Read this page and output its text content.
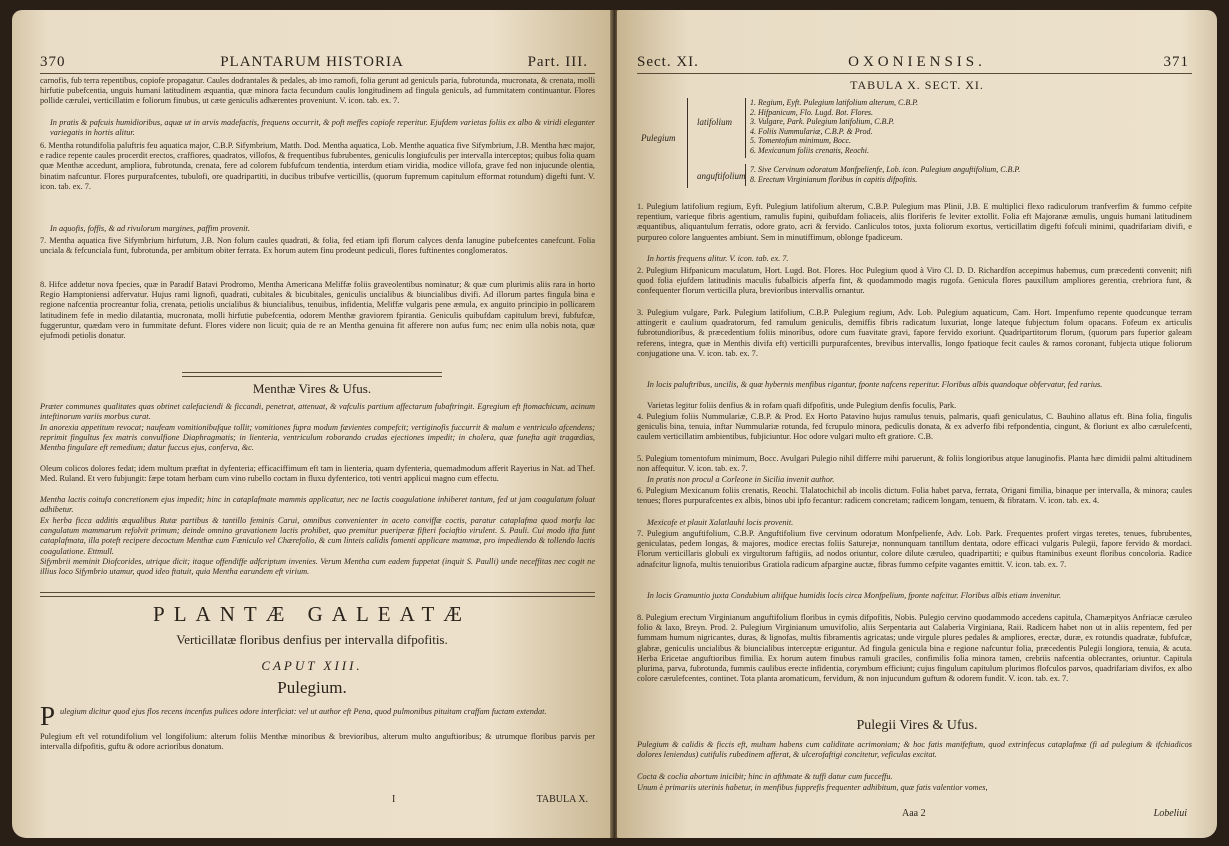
370	PLANTARUM HISTORIA	Part. III.
carnofis, fub terra repentibus, copiofe propagatur. Caules dodrantales & pedales, ab imo ramofi, folia gerunt ad geniculs paria, fubrotunda, mucronata, & crenata, molli hirfutie pubefcentia, unguis humani latitudinem æquantia, quæ minora facta fecundum caulis longitudinem ad fingula geniculs, ad fummitatem continuantur. Flores pollide cærulei, verticillatim e foliorum finubus, ut cæte geniculis adhærentes proveniunt. V. icon. tab. ex. 7.
In pratis & pafcuis humidioribus, aquæ ut in arvis madefactis, frequens occurrit, & poft meffes copiofe reperitur. Ejufdem varietas foliis ex albo & viridi eleganter variegatis in hortis alitur.
6. Mentha rotundifolia paluftris feu aquatica major, C.B.P. Sifymbrium, Matth. Dod. Mentha aquatica, Lob. Menthe aquatica five Sifymbrium, J.B. Mentha hæc major, e radice repente caules procerdit erectos, craffiores, quadratos, villofos, & frequentibus fubrubentes, geniculis longiufculis per intervalla interceptos; quibus folia quam quæ Menthæ accedunt, ampliora, fubrotunda, crenata, fere ad colorem fubfufcum tendentia, interdum etiam viridia, modice villofa, grave fed non injucunde olentia, binatim nafcuntur. Flores purpurafcentes, tubulofi, ore quadripartiti, in ducibus tribufve verticillis, (quorum fupremum capitulum efformat rotundum) digefti funt. V. icon. tab. ex. 7.
In aquofis, foffis, & ad rivulorum margines, paffim provenit.
7. Mentha aquatica five Sifymbrium hirfutum, J.B. Non folum caules quadrati, & folia, fed etiam ipfi florum calyces denfa lanugine pubefcentes canefcunt. Folia unciala & fefcunciala funt, fubrotunda, per ambitum obiter ferrata. Ex horum autem finu prodeunt pediculi, flores fuftinentes conglomeratos.
8. Hifce addetur nova fpecies, quæ in Paradif Batavi Prodromo, Mentha Americana Meliffæ foliis graveolentibus nominatur; & quæ cum plurimis aliis rara in horto Regio Hamptoniensi adfervatur. Hujus rami lignofi, quadrati, cubitales & bicubitales, geniculis uncialibus & biuncialibus divifi. Ad illorum partes fingula bina e regione nafcentia procreantur folia, crenata, petiolis uncialibus & biuncialibus, tenuibus, infidentia, Meliffæ vulgaris pene æmula, ex anguito principio in pollicarem latitudinem fefe in medio dilatantia, mucronata, molli hirfutie pubefcentia, odorem Menthæ graviorem fpirantia. Geniculis quibufdam capitulum brevi, fubfufcæ, fuggeruntur, quædam vero in fummitate defunt. Flores videre non licuit; quia de re an Mentha genuina fit afferere non aufus fum; nec enim ulla nobis nota, quæ ejufmodi petiolis donatur.
Menthæ Vires & Ufus.
Præter communes qualitates quas obtinet calefaciendi & ficcandi, penetrat, attenuat, & vafculis partium affectarum fubaftringit. Egregium eft ftomachicum, acinum inteftinorum variis morbus curat.
In anorexia appetitum revocat; naufeam vomitionibufque tollit; vomitiones fupra modum fævientes compefcit; vertiginofis fuccurrit & malum e ventriculo afcendens; reprimit fingultus fex matris convulfione Diaphragmatis; in lienteria, ventriculum roborando crudas ejectiones impedit; in cholera, quæ funefta agit tragœdias, Mentha fingulare eft remedium; datur fuccus ejus, conferva, &c.
Oleum colicos dolores fedat; idem multum præftat in dyfenteria; efficaciffimum eft tam in lienteria, quam dyfenteria, quemadmodum afferit Rayerius in Nat. ad Thef. Med. Ruland. Et vero fubjungit: fæpe totam herbam cum vino rubello coctam in fluxu dyfenterico, toti ventri applicui magno cum effectu.
Mentha lactis coitufa concretionem ejus impedit; hinc in cataplafmate mammis applicatur, nec ne lactis coagulatione inhiberet tantum, fed ut jam coagulatum foluat adhibetur.
Ex herba ficca additis æqualibus Rutæ partibus & tantillo feminis Carui, omnibus convenienter in aceto conviffæ coctis, paratur cataplafma quod morfu lac cangulatum mammarum refolvit primum; deinde omnino gravationem lactis prohibet, quo premitur pueriperæ fifteri fociaftio virulent. S. Pauli. Cui modo ifta funt cataplafmata, illa poteft recipere decoctum Menthæ cum Fœniculo vel Chærefolio, & cum linteis calidis fomenti applicare mammæ, pro impediendo & tollendo lactis coagulatione. Ettmull.
Sifymbrii meminit Diofcorides, utrique dicit; itaque offendiffe adfcriptum invenies. Verum Mentha cum eadem fuppetat (inquit S. Paulli) unde neceffitas nec cogit ne illius loco Sifymbrio utamur, quod ideo ftatuit, quia Mentha earundem eft virium.
PLANTÆ GALEATÆ
Verticillatæ floribus denfius per intervalla difpofitis.
CAPUT XIII.
Pulegium.
P ulegium dicitur quod ejus flos recens incenfus pulices odore interficiat: vel ut author eft Pena, quod pulmonibus pituitam craffam fuctam extendat.
Pulegium eft vel rotundifolium vel longifolium: alterum foliis Menthæ minoribus & brevioribus, alterum multo anguftioribus; & utrumque floribus parvis per intervalla difpofitis, guftu & odore acrioribus donatum.
I	TABULA X.
Sect. XI.	OXONIENSIS.	371
TABULA X. SECT. XI.
Pulegium
latifolium
1. Regium, Eyft. Pulegium latifolium alterum, C.B.P.
2. Hifpanicum, Flo. Lugd. Bot. Flores.
3. Vulgare, Park. Pulegium latifolium, C.B.P.
4. Foliis Nummulariæ, C.B.P. & Prod.
5. Tomentofum minimum, Bocc.
6. Mexicanum foliis crenatis, Reochi.
anguftifolium
7. Sive Cervinum odoratum Monfpelienfe, Lob. icon. Pulegium anguftifolium, C.B.P.
8. Erectum Virginianum floribus in capitis difpofitis.
1. Pulegium latifolium regium, Eyft. Pulegium latifolium alterum, C.B.P. Pulegium mas Plinii, J.B. E multiplici flexo radiculorum tranfverfim & fummo cefpite repentium, varieque fibris agentium, ramulis fupini, quibufdam foliaceis, aliis floriferis fe leviter extollit. Folia eft Majoranæ æmulis, unguis humani latitudinem æquantibus, aliquantulum ferratis, odore grato, acri & fervido. Canliculos totos, juxta foliorum exortus, verticillatim digefti fofculi minimi, quadrifariam divifi, e purpureo colore languentes ambiunt. Sem in minutiffimum, oblonge fpadiceum.
In hortis frequens alitur. V. icon. tab. ex. 7.
2. Pulegium Hifpanicum maculatum, Hort. Lugd. Bot. Flores. Hoc Pulegium quod à Viro Cl. D. D. Richardfon accepimus habemus, cum præcedenti convenit; nifi quod folia ejufdem latitudinis maculis fubalbicis afperfa fint, & quodammodo magis rugofa. Genicula flores pauxillum ampliores gerentia, crebriora funt, & confequenter florum verticilla plura, brevioribus intervallis ornantur.
3. Pulegium vulgare, Park. Pulegium latifolium, C.B.P. Pulegium regium, Adv. Lob. Pulegium aquaticum, Cam. Hort. Impenfumo repente quodcunque terram attingerit e caulium quadratorum, fed ramulum geniculis, demiffis fibris radicatum luxuriat, longe lateque fubjectum folum opacans. Fofeum ex articulis fubrotundioribus, & præcedentium foliis minoribus, odore cum fuavitate gravi, fapore fervido exoriunt. Quadripartitorum florum, (quorum pars fuperior galeam referens, integra, quæ in Menthis divifa eft) verticilli purpurafcentes, brevibus intervallis, longo fpatioque fecit caules & ramos coronant, fubjecta utique foliorum conjugatione una. V. icon. tab. ex. 7.
In locis paluftribus, uncilis, & quæ hybernis menfibus rigantur, fponte nafcens reperitur. Floribus albis quandoque obfervatur, fed rarius.
Varietas legitur foliis denfius & in rofam quafi difpofitis, unde Pulegium denfis foculis, Park.
4. Pulegium foliis Nummulariæ, C.B.P. & Prod. Ex Horto Patavino hujus ramulus tenuis, palmaris, quafi geniculatus, C. Bauhino allatus eft. Bina folia, fingulis geniculis bina, tenuia, inftar Nummulariæ rotunda, fed fcrupulo minora, pediculis donata, & ex adverfo fibi refpondentia, cingunt, & floriunt ex albo cærulefcenti, caulem verticillatim ambientibus, fubjiciuntur. Hoc odore vulgari multo eft gratiore. C.B.
5. Pulegium tomentofum minimum, Bocc. Avulgari Pulegio nihil differre mihi paruerunt, & foliis longioribus atque lanuginofis. Planta hæc dimidii palmi altitudinem non affequitur. V. icon. tab. ex. 7.
In pratis non procul a Corleone in Sicilia invenit author.
6. Pulegium Mexicanum foliis crenatis, Reochi. Tlalatochichil ab incolis dictum. Folia habet parva, ferrata, Origani fimilia, binaque per intervalla, & minora; caules tenues; flores purpurafcentes ex albis, binos ubi ipfo fecantur: radicem concretam; radicem longam, tenuem, & fibratam. V. icon. tab. ex. 4.
Mexicofe et plauit Xalatlauhi locis provenit.
7. Pulegium anguftifolium, C.B.P. Anguftifolium five cervinum odoratum Monfpelienfe, Adv. Lob. Park. Frequentes profert virgas teretes, tenues, fubrubentes, geniculatas, pedem longas, & majores, modice erectas foliis Saturejæ, nonnunquam tantillum dentata, odore efficaci vulgaris Pulegii, fapore fervido & mordaci. Florum verticillaris globuli ex virgultorum faftigiis, ad nodos oriuntur, colore dilute cæruleo, quadripartiti; e quibus ftaminibus exeunt floribus concoloria. Radice adnafcitur lignofa, multis tenuioribus Gratiola radicum afpargine auctæ, fibras fummo cefpite vagantes emittit. V. icon. tab. ex. 7.
In locis Gramuntio juxta Condubium aliifque humidis locis circa Monfpelium, fponte nafcitur. Floribus albis etiam invenitur.
8. Pulegium erectum Virginianum anguftifolium floribus in cymis difpofitis, Nobis. Pulegio cervino quodammodo accedens capitula, Chamæpityos Anfriacæ cæruleo folio & laxo, Breyn. Prod. 2. Pulegium Virginianum umuvifolio, aliis Serpentaria aut Calaberia Virginiana, Raii. Radicem habet non ut in aliis repentem, fed per fummam humum nigricantes, duras, & lignofas, multis fibramentis agricatas; unde virgule plures pedales & ampliores, erectæ, duræ, ex rotundis quadratæ, fubfufcæ, glabræ, geniculis uncialibus & biuncialibus interceptæ eriguntur. Ad fingula genicula bina e regione nafcuntur folia, præcedentis Pulegii longiora, tenuia, & acuta. Herba Ericetae anguftioribus fimilia. Ex horum autem finubus ramuli graciles, confimilis folia minora tamen, crebriis nafcentia oblecrantes, oriuntur. Capitula plurima, parva, fubrotunda, fummis caulibus erecte infidentia, corymbum efficiunt; cujus fingulum capitulum plurimos flofculos parvos, quadrifariam divifos, ex albo colore cærulefcentes, continet. Tota planta aromaticum, fervidum, & non injucundum guftum & odorem fundit. V. icon. tab. ex. 7.
Pulegii Vires & Ufus.
Pulegium & calidis & ficcis eft, multam habens cum caliditate acrimoniam; & hoc fatis manifeftum, quod extrinfecus cataplafmæ (fi ad pulegium & ifchiadicos dolores leniendus) cutifulis rubedinem afferat, & ulcerofaftigi concitetur, veficulas excitat.
Cocta & coclia abortum inicibit; hinc in afthmate & tuffi datur cum fucceffu.
Unum è primariis uterinis habetur, in menfibus fupprefis frequenter adhibitum, quæ fatis valentior vomes,
Aaa 2	Lobeliui
